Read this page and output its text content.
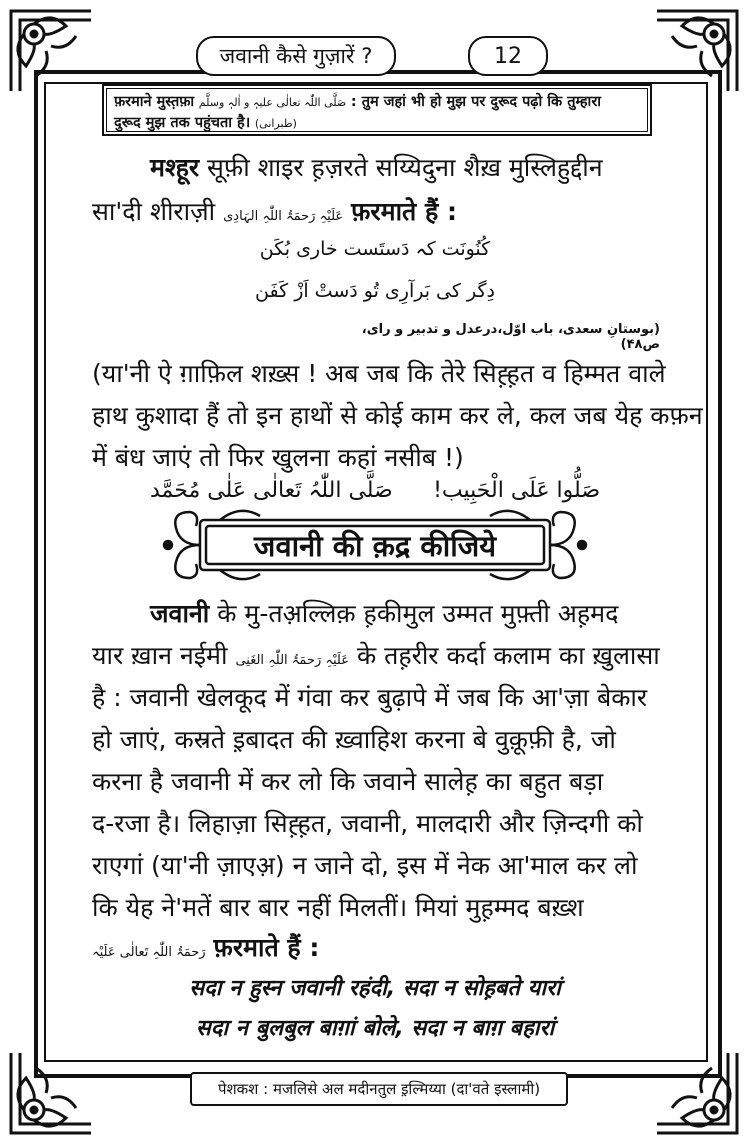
जवानी कैसे गुज़ारें ?	12
फ़रमाने मुस्त़फ़ा صَلَّی اللّٰہ تعالٰی علیہٖ و اٰلہٖ وسلَّم : तुम जहां भी हो मुझ पर दुरूद पढ़ो कि तुम्हारा
दुरूद मुझ तक पहुंचता है। (طبرانی)
मश्हूर सूफ़ी शाइर ह़ज़रते सय्यिदुना शैख़ मुस्लिहुद्दीन
सा'दी शीराज़ी عَلَیْہِ رَحمَۃُ اللّٰہِ الہَادِی फ़रमाते हैं :
کُنُونَت کہ دَستَست خاری بُکَن
دِگر کی بَرآرِی تُو دَستْ اَزْ کَفَن
(بوستانِ سعدی، باب اوّل،درعدل و تدبیر و رای، ص۴۸)
(या'नी ऐ ग़ाफ़िल शख़्स ! अब जब कि तेरे सिह़्ह़त व हिम्मत वाले
हाथ कुशादा हैं तो इन हाथों से कोई काम कर ले, कल जब येह कफ़न
में बंध जाएं तो फिर खुलना कहां नसीब !)
صَلُّوا عَلَی الْحَبِیب!
صَلَّی اللّٰہُ تَعالٰی عَلٰی مُحَمَّد
जवानी की क़द्र कीजिये
जवानी के मु-तअ़ल्लिक़ ह़कीमुल उम्मत मुफ़्ती अह़मद
यार ख़ान नईमी عَلَیْہِ رَحمَۃُ اللّٰہِ الغَنِی के तह़रीर कर्दा कलाम का ख़ुलासा
है : जवानी खेलकूद में गंवा कर बुढ़ापे में जब कि आ'ज़ा बेकार
हो जाएं, कस्रते इ़बादत की ख़्वाहिश करना बे वुक़ूफ़ी है, जो
करना है जवानी में कर लो कि जवाने सालेह़ का बहुत बड़ा
द-रजा है। लिहाज़ा सिह़्ह़त, जवानी, मालदारी और ज़िन्दगी को
राएगां (या'नी ज़ाएअ़) न जाने दो, इस में नेक आ'माल कर लो
कि येह ने'मतें बार बार नहीं मिलतीं। मियां मुह़म्मद बख़्श
رَحمَۃُ اللّٰہِ تَعالٰی عَلَیْہ फ़रमाते हैं :
सदा न हुस्न जवानी रहंदी, सदा न सोह़बते यारां
सदा न बुलबुल बाग़ां बोले, सदा न बाग़ बहारां
पेशकश : मजलिसे अल मदीनतुल इ़ल्मिय्या (दा'वते इस्लामी)
